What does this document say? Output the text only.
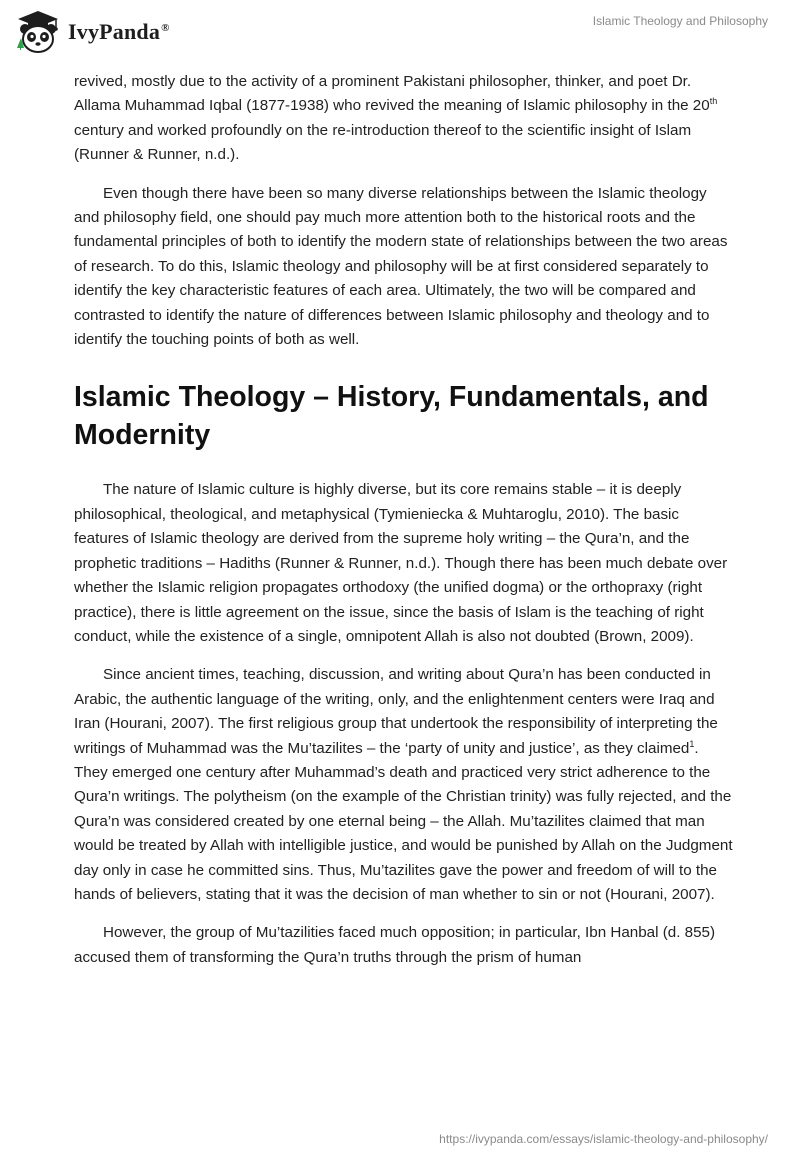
IvyPanda®	Islamic Theology and Philosophy

revived, mostly due to the activity of a prominent Pakistani philosopher, thinker, and poet Dr. Allama Muhammad Iqbal (1877-1938) who revived the meaning of Islamic philosophy in the 20th century and worked profoundly on the re-introduction thereof to the scientific insight of Islam (Runner & Runner, n.d.).

Even though there have been so many diverse relationships between the Islamic theology and philosophy field, one should pay much more attention both to the historical roots and the fundamental principles of both to identify the modern state of relationships between the two areas of research. To do this, Islamic theology and philosophy will be at first considered separately to identify the key characteristic features of each area. Ultimately, the two will be compared and contrasted to identify the nature of differences between Islamic philosophy and theology and to identify the touching points of both as well.

Islamic Theology – History, Fundamentals, and Modernity

The nature of Islamic culture is highly diverse, but its core remains stable – it is deeply philosophical, theological, and metaphysical (Tymieniecka & Muhtaroglu, 2010). The basic features of Islamic theology are derived from the supreme holy writing – the Qura’n, and the prophetic traditions – Hadiths (Runner & Runner, n.d.). Though there has been much debate over whether the Islamic religion propagates orthodoxy (the unified dogma) or the orthopraxy (right practice), there is little agreement on the issue, since the basis of Islam is the teaching of right conduct, while the existence of a single, omnipotent Allah is also not doubted (Brown, 2009).

Since ancient times, teaching, discussion, and writing about Qura’n has been conducted in Arabic, the authentic language of the writing, only, and the enlightenment centers were Iraq and Iran (Hourani, 2007). The first religious group that undertook the responsibility of interpreting the writings of Muhammad was the Mu’tazilites – the ‘party of unity and justice’, as they claimed$^1$. They emerged one century after Muhammad’s death and practiced very strict adherence to the Qura’n writings. The polytheism (on the example of the Christian trinity) was fully rejected, and the Qura’n was considered created by one eternal being – the Allah. Mu’tazilites claimed that man would be treated by Allah with intelligible justice, and would be punished by Allah on the Judgment day only in case he committed sins. Thus, Mu’tazilites gave the power and freedom of will to the hands of believers, stating that it was the decision of man whether to sin or not (Hourani, 2007).

However, the group of Mu’tazilities faced much opposition; in particular, Ibn Hanbal (d. 855) accused them of transforming the Qura’n truths through the prism of human

https://ivypanda.com/essays/islamic-theology-and-philosophy/
